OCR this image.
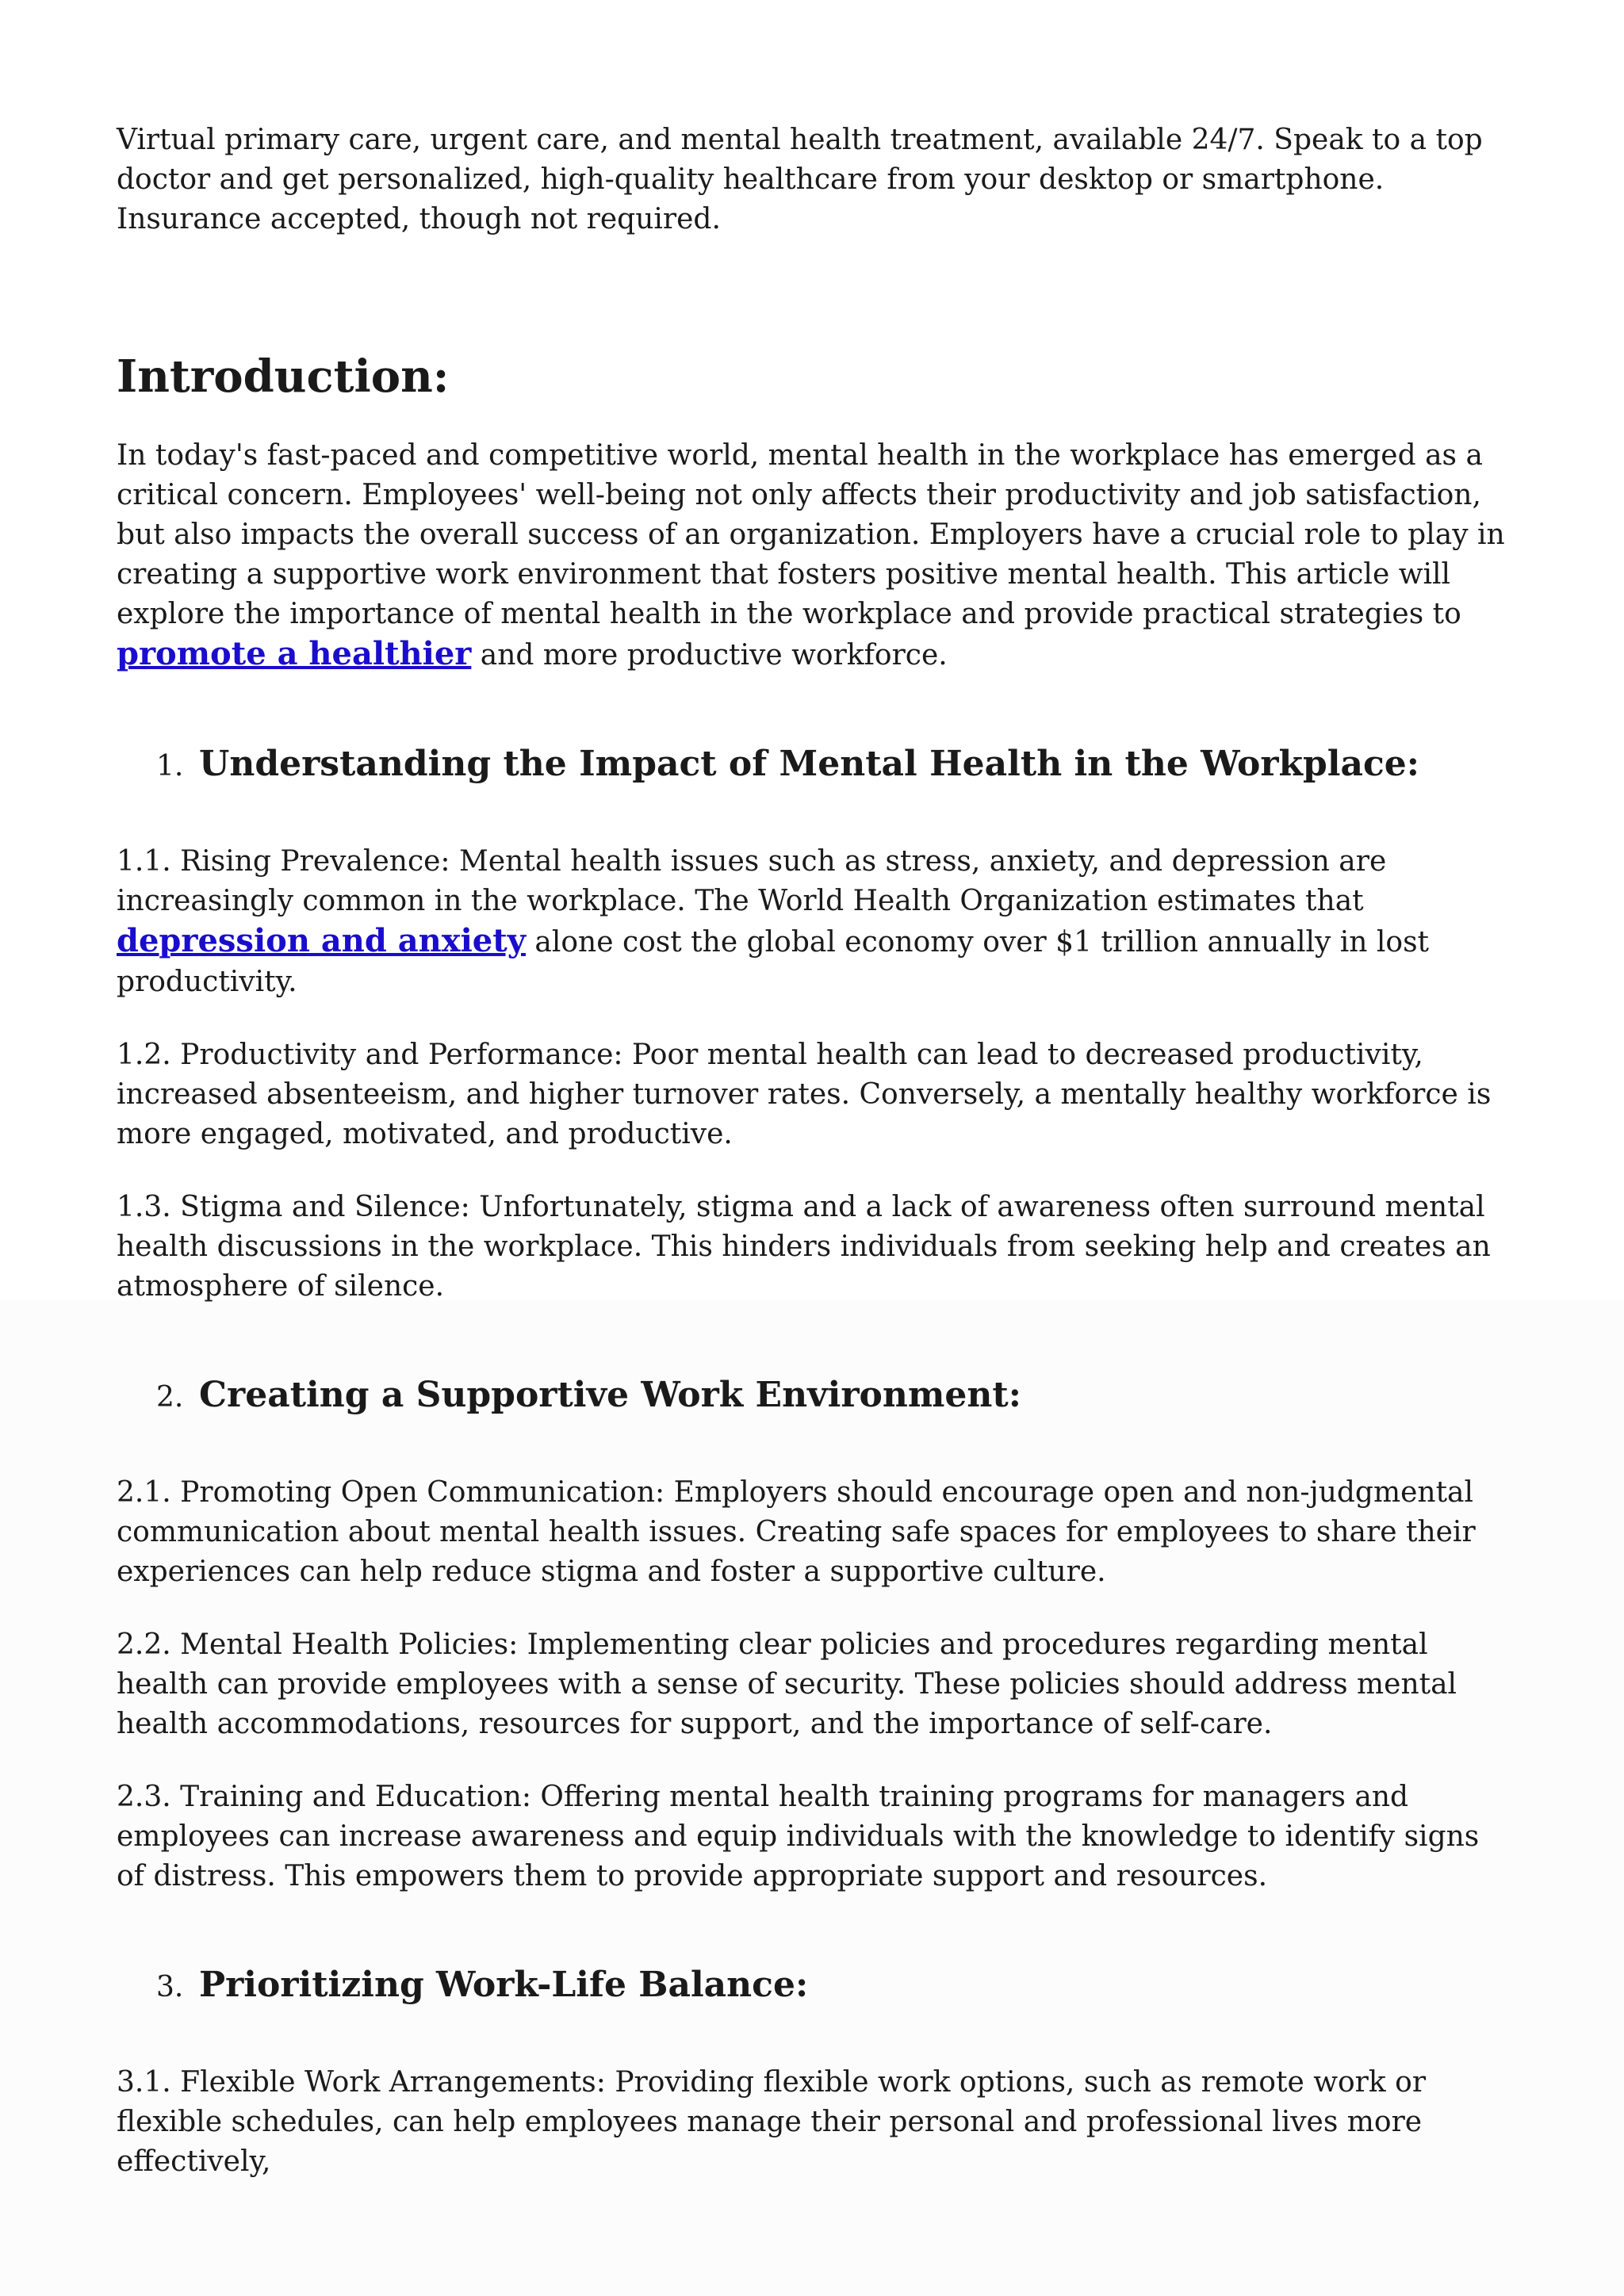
Virtual primary care, urgent care, and mental health treatment, available 24/7. Speak to a top doctor and get personalized, high-quality healthcare from your desktop or smartphone. Insurance accepted, though not required.

Introduction:

In today's fast-paced and competitive world, mental health in the workplace has emerged as a critical concern. Employees' well-being not only affects their productivity and job satisfaction, but also impacts the overall success of an organization. Employers have a crucial role to play in creating a supportive work environment that fosters positive mental health. This article will explore the importance of mental health in the workplace and provide practical strategies to promote a healthier and more productive workforce.

1. Understanding the Impact of Mental Health in the Workplace:

1.1. Rising Prevalence: Mental health issues such as stress, anxiety, and depression are increasingly common in the workplace. The World Health Organization estimates that depression and anxiety alone cost the global economy over $1 trillion annually in lost productivity.

1.2. Productivity and Performance: Poor mental health can lead to decreased productivity, increased absenteeism, and higher turnover rates. Conversely, a mentally healthy workforce is more engaged, motivated, and productive.

1.3. Stigma and Silence: Unfortunately, stigma and a lack of awareness often surround mental health discussions in the workplace. This hinders individuals from seeking help and creates an atmosphere of silence.

2. Creating a Supportive Work Environment:

2.1. Promoting Open Communication: Employers should encourage open and non-judgmental communication about mental health issues. Creating safe spaces for employees to share their experiences can help reduce stigma and foster a supportive culture.

2.2. Mental Health Policies: Implementing clear policies and procedures regarding mental health can provide employees with a sense of security. These policies should address mental health accommodations, resources for support, and the importance of self-care.

2.3. Training and Education: Offering mental health training programs for managers and employees can increase awareness and equip individuals with the knowledge to identify signs of distress. This empowers them to provide appropriate support and resources.

3. Prioritizing Work-Life Balance:

3.1. Flexible Work Arrangements: Providing flexible work options, such as remote work or flexible schedules, can help employees manage their personal and professional lives more effectively,
